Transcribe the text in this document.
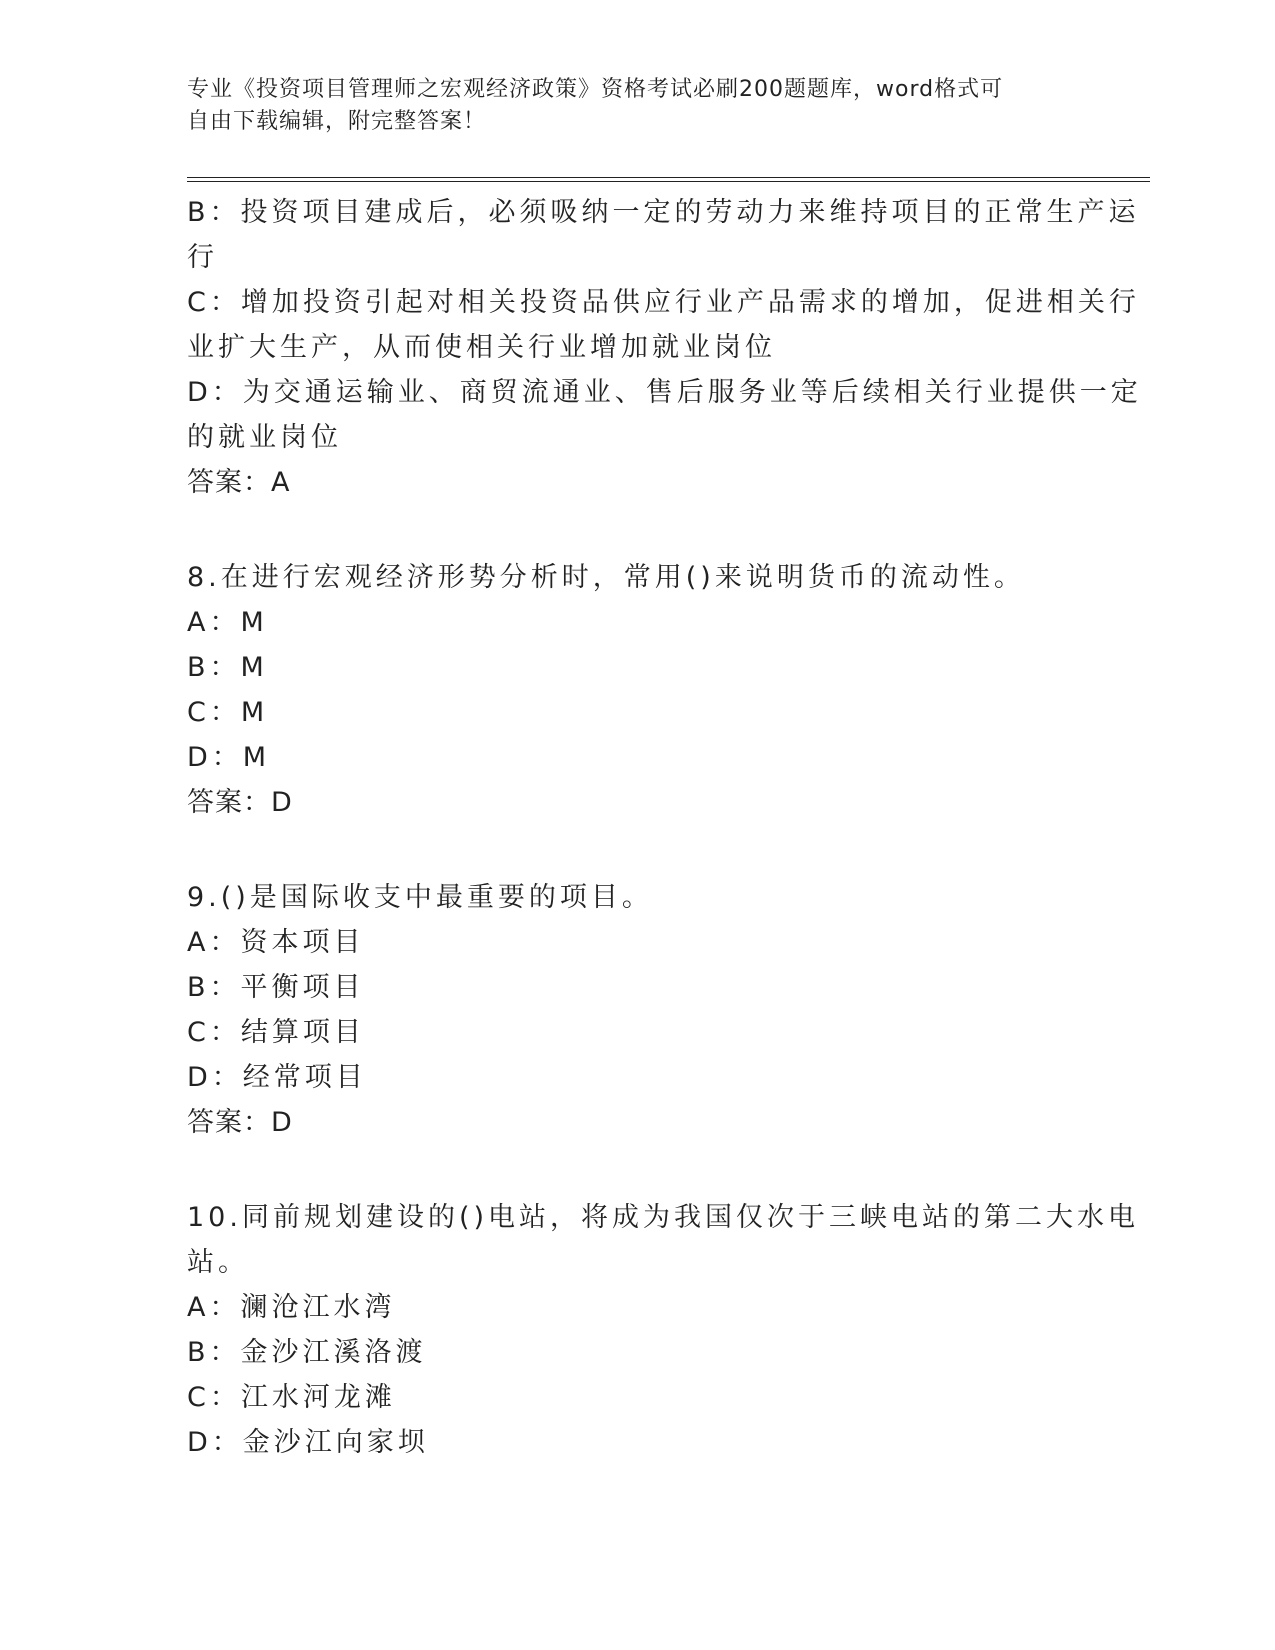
专业《投资项目管理师之宏观经济政策》资格考试必刷200题题库，word格式可
自由下载编辑，附完整答案！
B：投资项目建成后，必须吸纳一定的劳动力来维持项目的正常生产运
行
C：增加投资引起对相关投资品供应行业产品需求的增加，促进相关行
业扩大生产，从而使相关行业增加就业岗位
D：为交通运输业、商贸流通业、售后服务业等后续相关行业提供一定
的就业岗位
答案：A
8.在进行宏观经济形势分析时，常用()来说明货币的流动性。
A：M
B：M
C：M
D：M
答案：D
9.()是国际收支中最重要的项目。
A：资本项目
B：平衡项目
C：结算项目
D：经常项目
答案：D
10.同前规划建设的()电站，将成为我国仅次于三峡电站的第二大水电
站。
A：澜沧江水湾
B：金沙江溪洛渡
C：江水河龙滩
D：金沙江向家坝
